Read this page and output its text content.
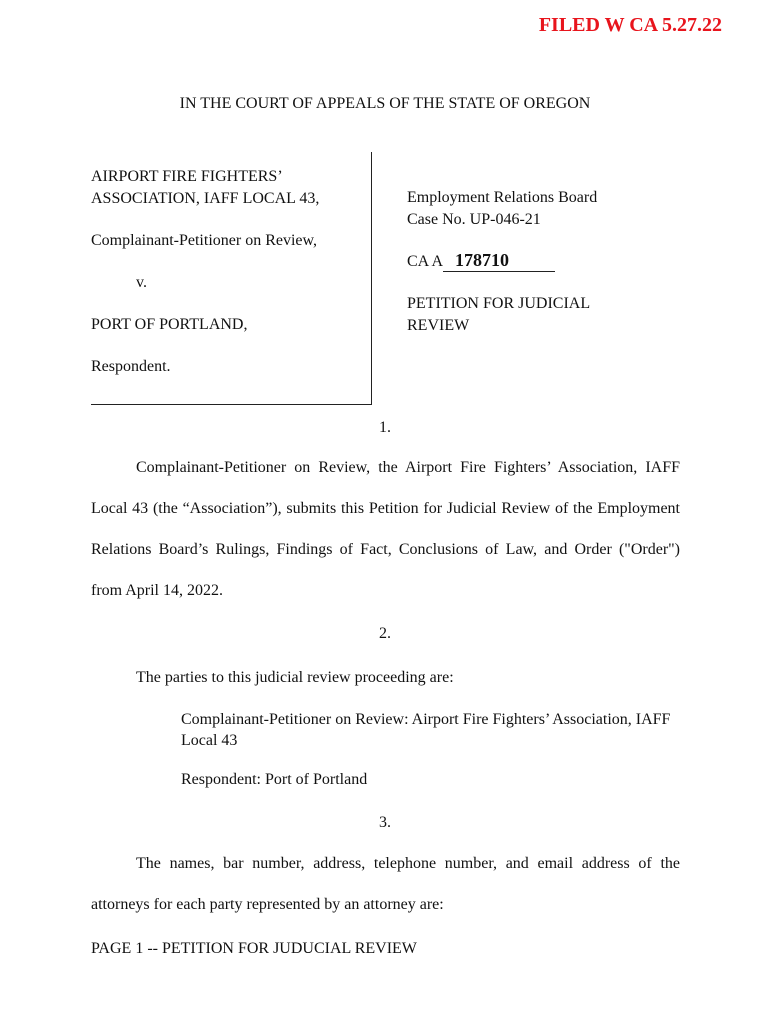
FILED W CA 5.27.22
IN THE COURT OF APPEALS OF THE STATE OF OREGON

AIRPORT FIRE FIGHTERS’

ASSOCIATION, IAFF LOCAL 43,

Complainant-Petitioner on Review,

v.

PORT OF PORTLAND,

Respondent.

Employment Relations Board

Case No. UP-046-21

CA A 178710

PETITION FOR JUDICIAL

REVIEW

1.

Complainant-Petitioner on Review, the Airport Fire Fighters’ Association, IAFF Local 43 (the “Association”), submits this Petition for Judicial Review of the Employment Relations Board’s Rulings, Findings of Fact, Conclusions of Law, and Order ("Order") from April 14, 2022.

2.

The parties to this judicial review proceeding are:

Complainant-Petitioner on Review: Airport Fire Fighters’ Association, IAFF Local 43

Respondent: Port of Portland

3.

The names, bar number, address, telephone number, and email address of the attorneys for each party represented by an attorney are:

PAGE 1 -- PETITION FOR JUDUCIAL REVIEW
